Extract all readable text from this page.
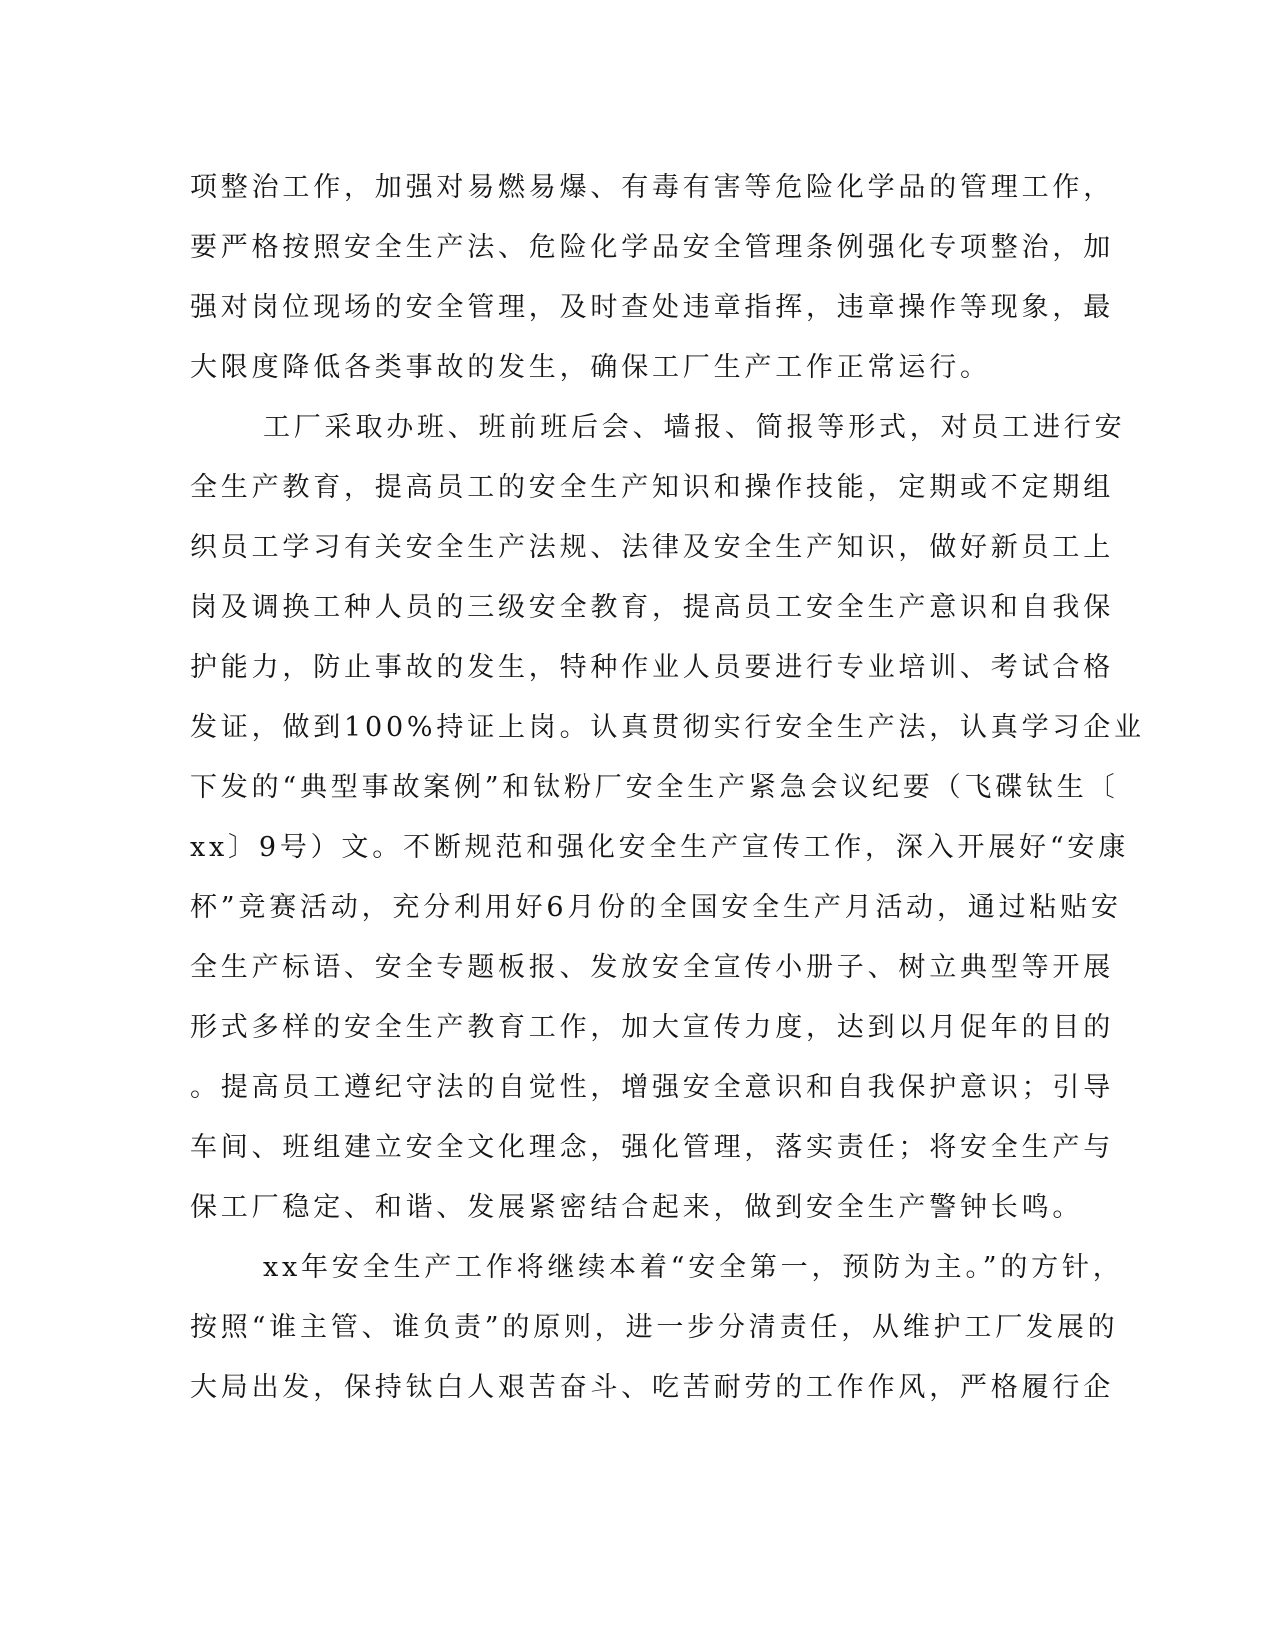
项整治工作，加强对易燃易爆、有毒有害等危险化学品的管理工作，
要严格按照安全生产法、危险化学品安全管理条例强化专项整治，加
强对岗位现场的安全管理，及时查处违章指挥，违章操作等现象，最
大限度降低各类事故的发生，确保工厂生产工作正常运行。
工厂采取办班、班前班后会、墙报、简报等形式，对员工进行安
全生产教育，提高员工的安全生产知识和操作技能，定期或不定期组
织员工学习有关安全生产法规、法律及安全生产知识，做好新员工上
岗及调换工种人员的三级安全教育，提高员工安全生产意识和自我保
护能力，防止事故的发生，特种作业人员要进行专业培训、考试合格
发证，做到100%持证上岗。认真贯彻实行安全生产法，认真学习企业
下发的“典型事故案例”和钛粉厂安全生产紧急会议纪要（飞碟钛生〔
xx〕9号）文。不断规范和强化安全生产宣传工作，深入开展好“安康
杯”竞赛活动，充分利用好6月份的全国安全生产月活动，通过粘贴安
全生产标语、安全专题板报、发放安全宣传小册子、树立典型等开展
形式多样的安全生产教育工作，加大宣传力度，达到以月促年的目的
。提高员工遵纪守法的自觉性，增强安全意识和自我保护意识；引导
车间、班组建立安全文化理念，强化管理，落实责任；将安全生产与
保工厂稳定、和谐、发展紧密结合起来，做到安全生产警钟长鸣。
xx年安全生产工作将继续本着“安全第一，预防为主。”的方针，
按照“谁主管、谁负责”的原则，进一步分清责任，从维护工厂发展的
大局出发，保持钛白人艰苦奋斗、吃苦耐劳的工作作风，严格履行企
